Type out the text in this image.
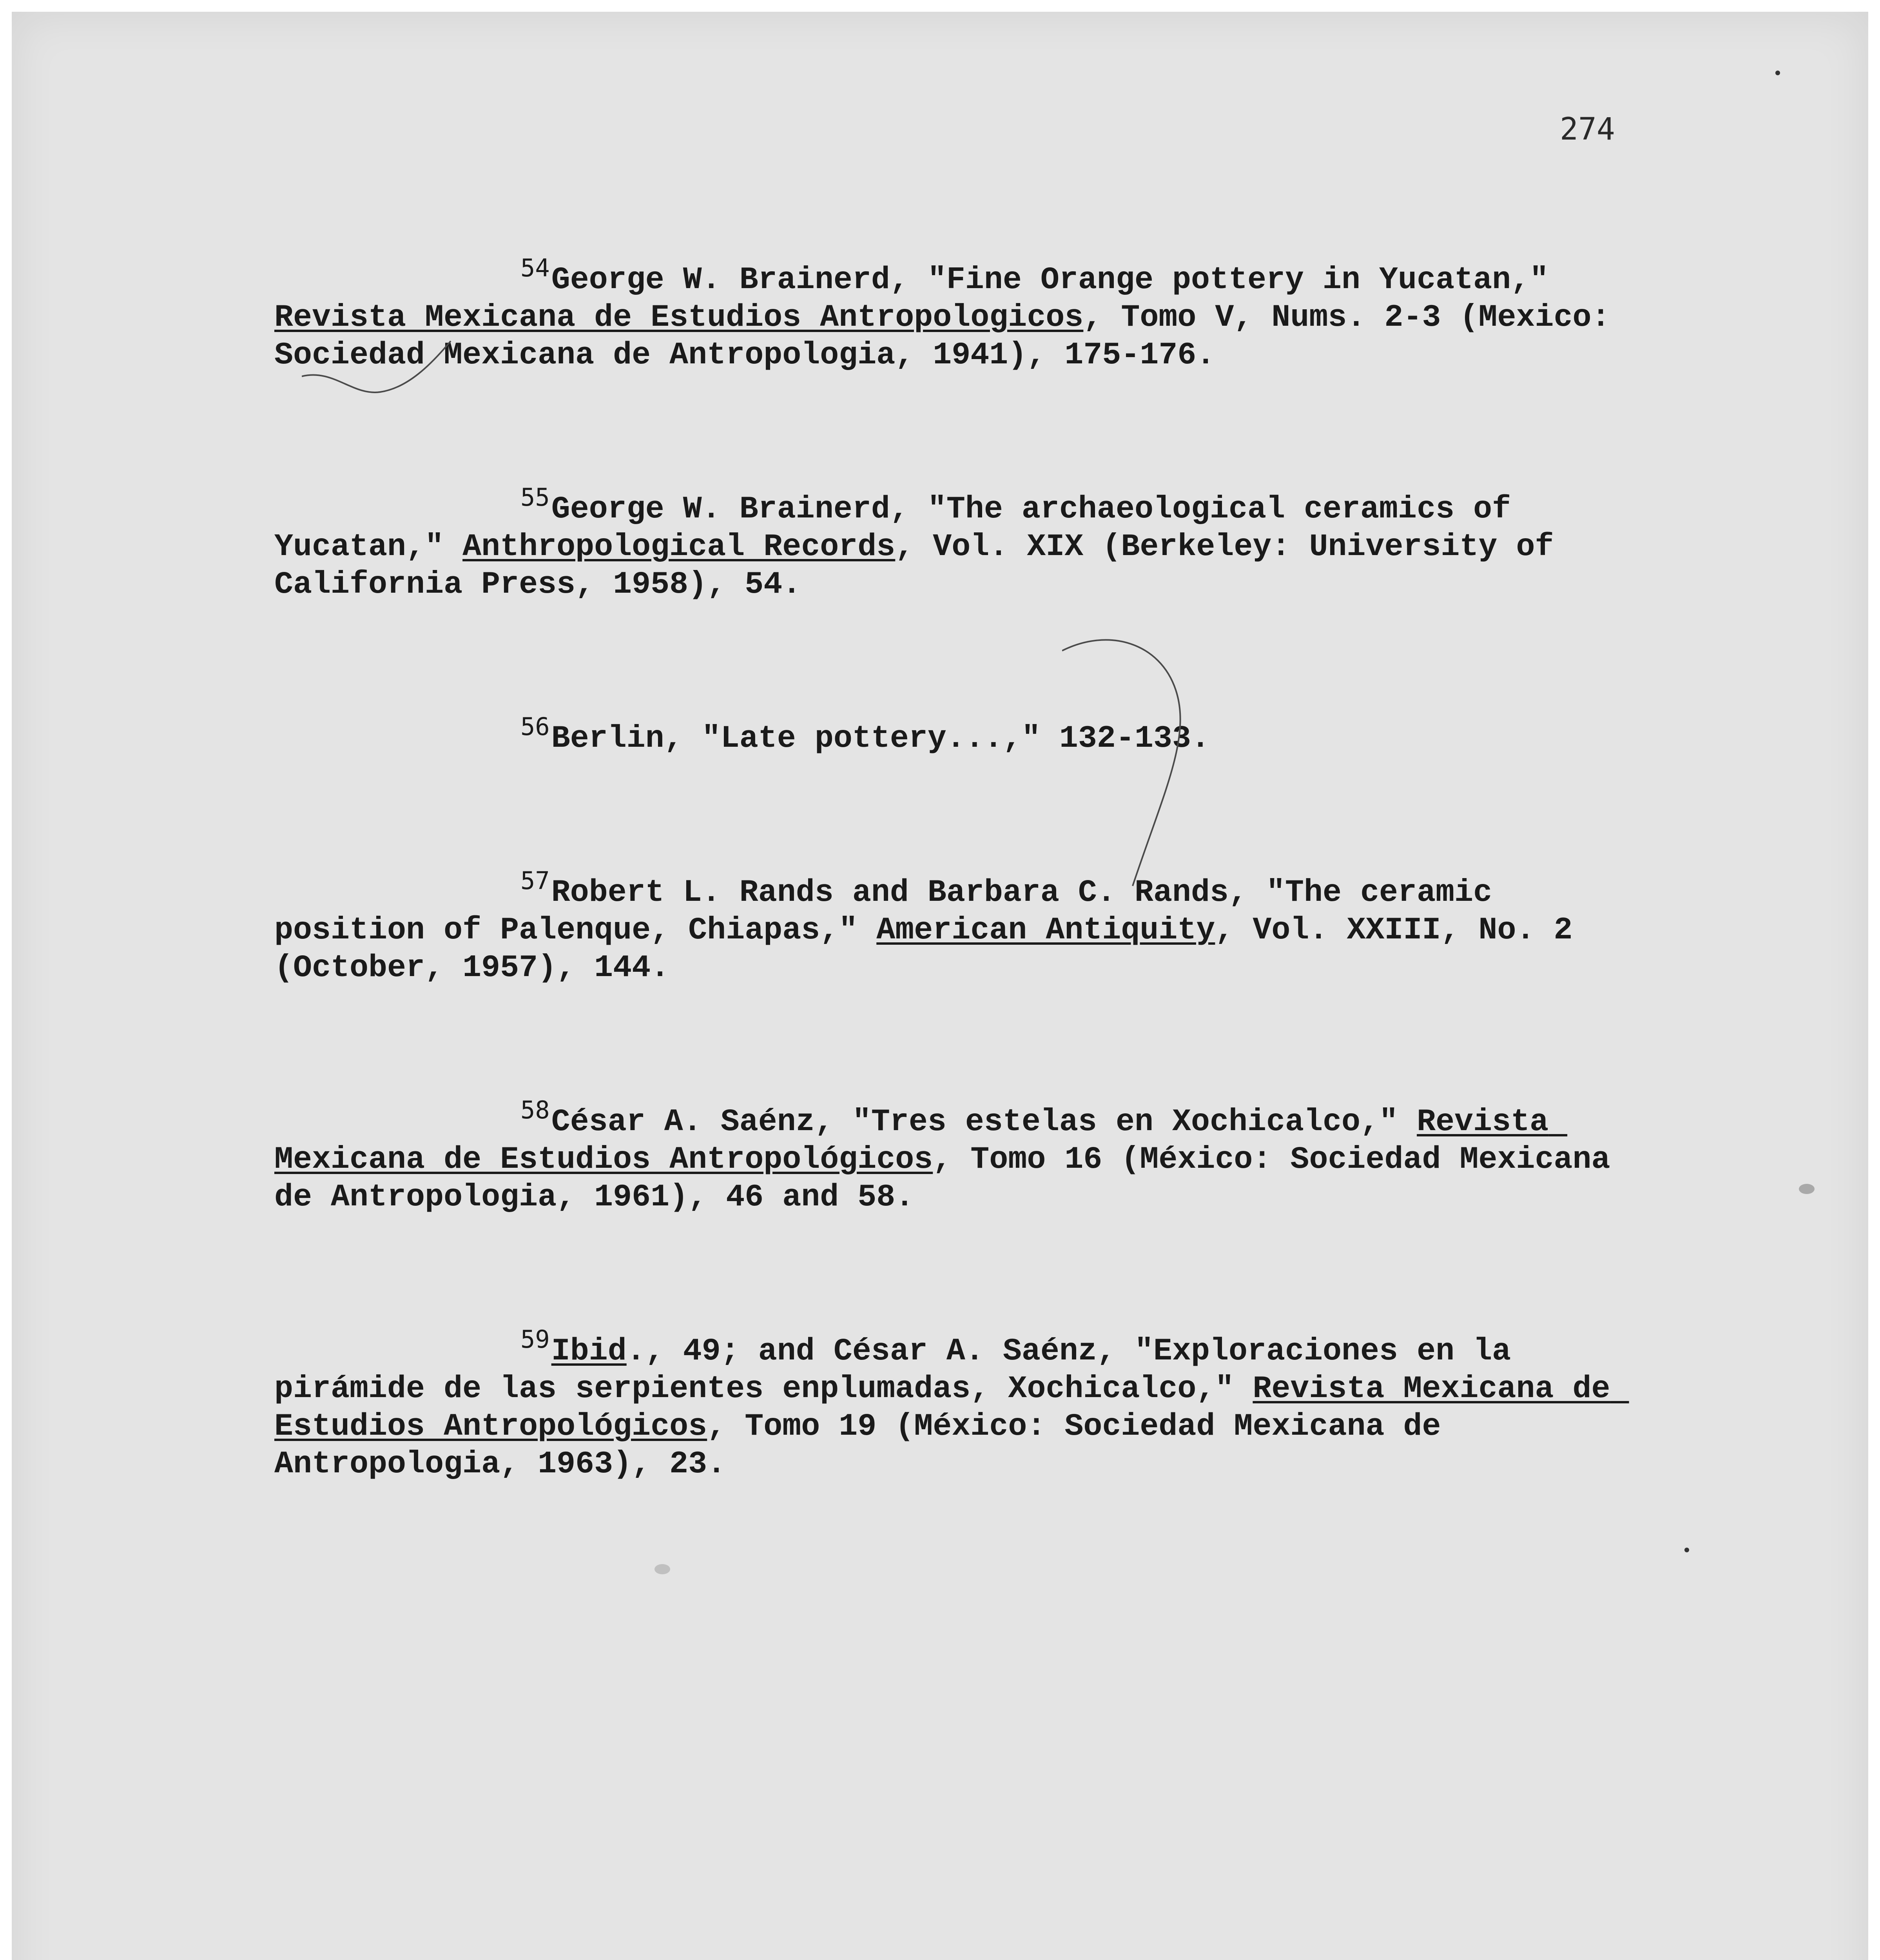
274

54George W. Brainerd, "Fine Orange pottery in Yucatan," Revista Mexicana de Estudios Antropologicos, Tomo V, Nums. 2-3 (Mexico: Sociedad Mexicana de Antropologia, 1941), 175-176.

55George W. Brainerd, "The archaeological ceramics of Yucatan," Anthropological Records, Vol. XIX (Berkeley: University of California Press, 1958), 54.

56Berlin, "Late pottery...," 132-133.

57Robert L. Rands and Barbara C. Rands, "The ceramic position of Palenque, Chiapas," American Antiquity, Vol. XXIII, No. 2 (October, 1957), 144.

58César A. Saénz, "Tres estelas en Xochicalco," Revista Mexicana de Estudios Antropológicos, Tomo 16 (México: Sociedad Mexicana de Antropologia, 1961), 46 and 58.

59Ibid., 49; and César A. Saénz, "Exploraciones en la pirámide de las serpientes enplumadas, Xochicalco," Revista Mexicana de Estudios Antropológicos, Tomo 19 (México: Sociedad Mexicana de Antropologia, 1963), 23.
